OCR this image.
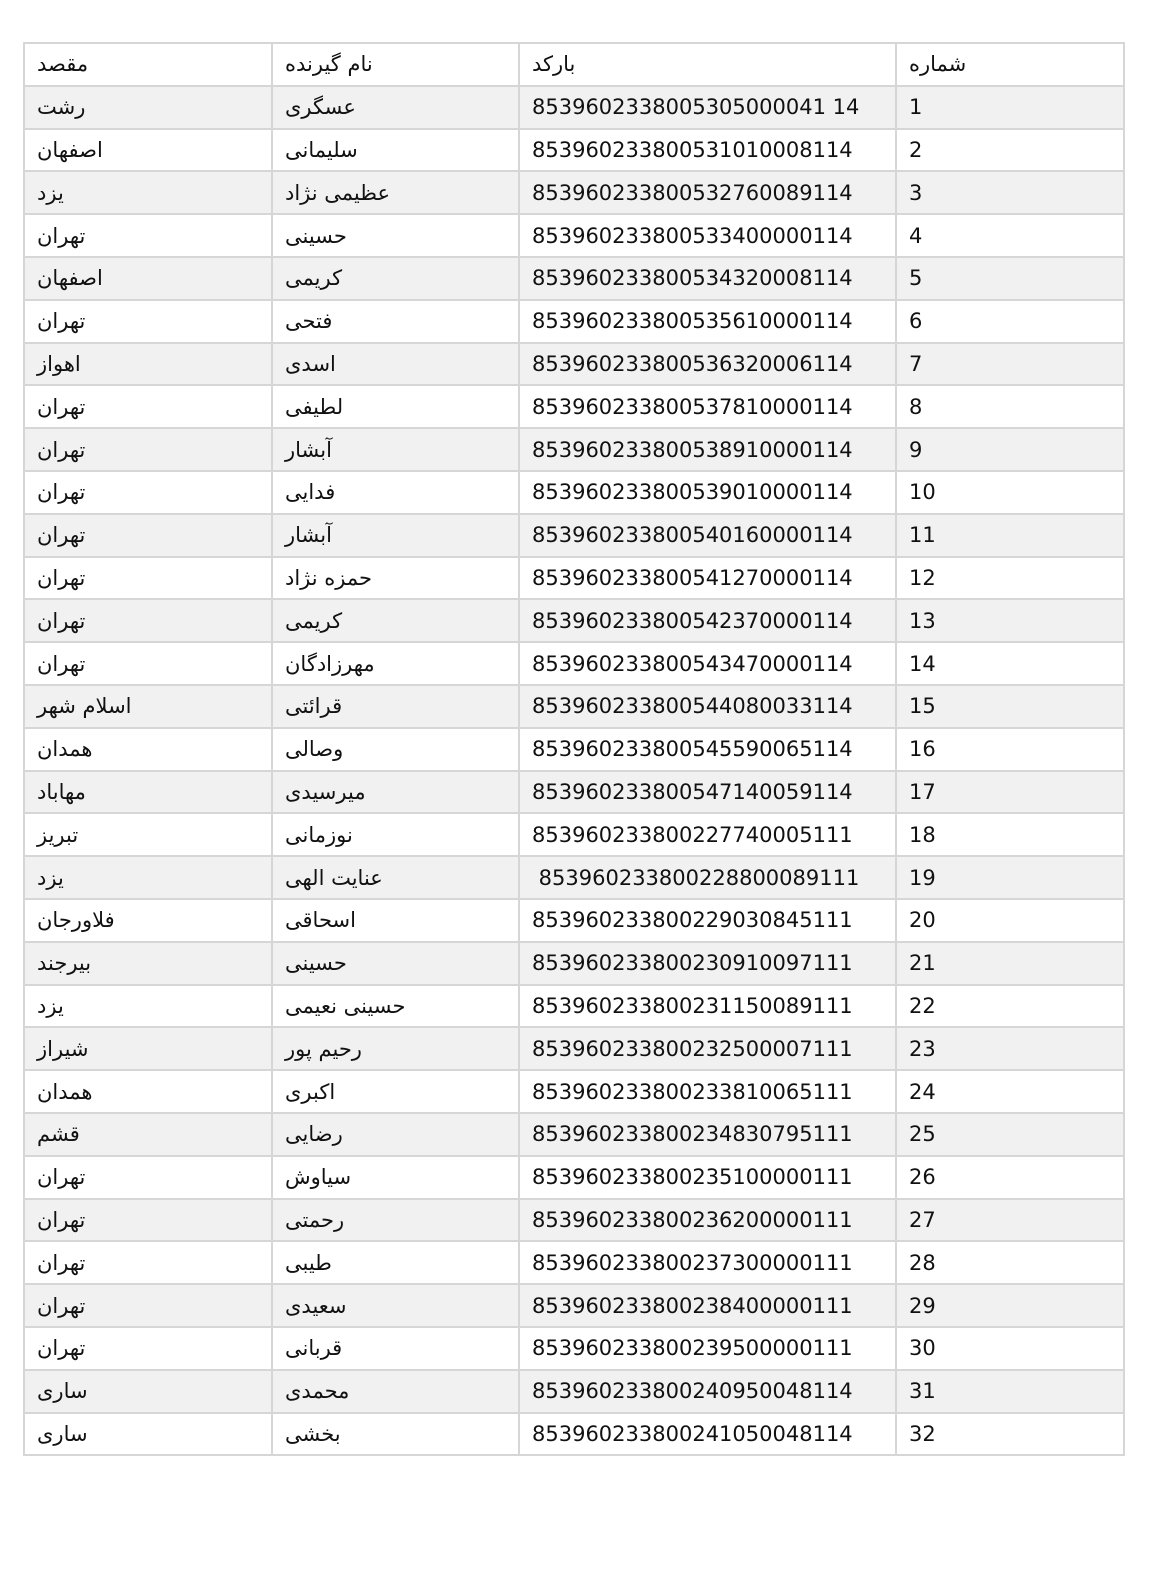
مقصد	نام گیرنده	بارکد	شماره
رشت	عسگری	8539602338005305000041 14	1
اصفهان	سلیمانی	853960233800531010008114	2
یزد	عظیمی نژاد	853960233800532760089114	3
تهران	حسینی	853960233800533400000114	4
اصفهان	کریمی	853960233800534320008114	5
تهران	فتحی	853960233800535610000114	6
اهواز	اسدی	853960233800536320006114	7
تهران	لطیفی	853960233800537810000114	8
تهران	آبشار	853960233800538910000114	9
تهران	فدایی	853960233800539010000114	10
تهران	آبشار	853960233800540160000114	11
تهران	حمزه نژاد	853960233800541270000114	12
تهران	کریمی	853960233800542370000114	13
تهران	مهرزادگان	853960233800543470000114	14
اسلام شهر	قرائتی	853960233800544080033114	15
همدان	وصالی	853960233800545590065114	16
مهاباد	میرسیدی	853960233800547140059114	17
تبریز	نوزمانی	853960233800227740005111	18
یزد	عنایت الهی	853960233800228800089111	19
فلاورجان	اسحاقی	853960233800229030845111	20
بیرجند	حسینی	853960233800230910097111	21
یزد	حسینی نعیمی	853960233800231150089111	22
شیراز	رحیم پور	853960233800232500007111	23
همدان	اکبری	853960233800233810065111	24
قشم	رضایی	853960233800234830795111	25
تهران	سیاوش	853960233800235100000111	26
تهران	رحمتی	853960233800236200000111	27
تهران	طیبی	853960233800237300000111	28
تهران	سعیدی	853960233800238400000111	29
تهران	قربانی	853960233800239500000111	30
ساری	محمدی	853960233800240950048114	31
ساری	بخشی	853960233800241050048114	32
